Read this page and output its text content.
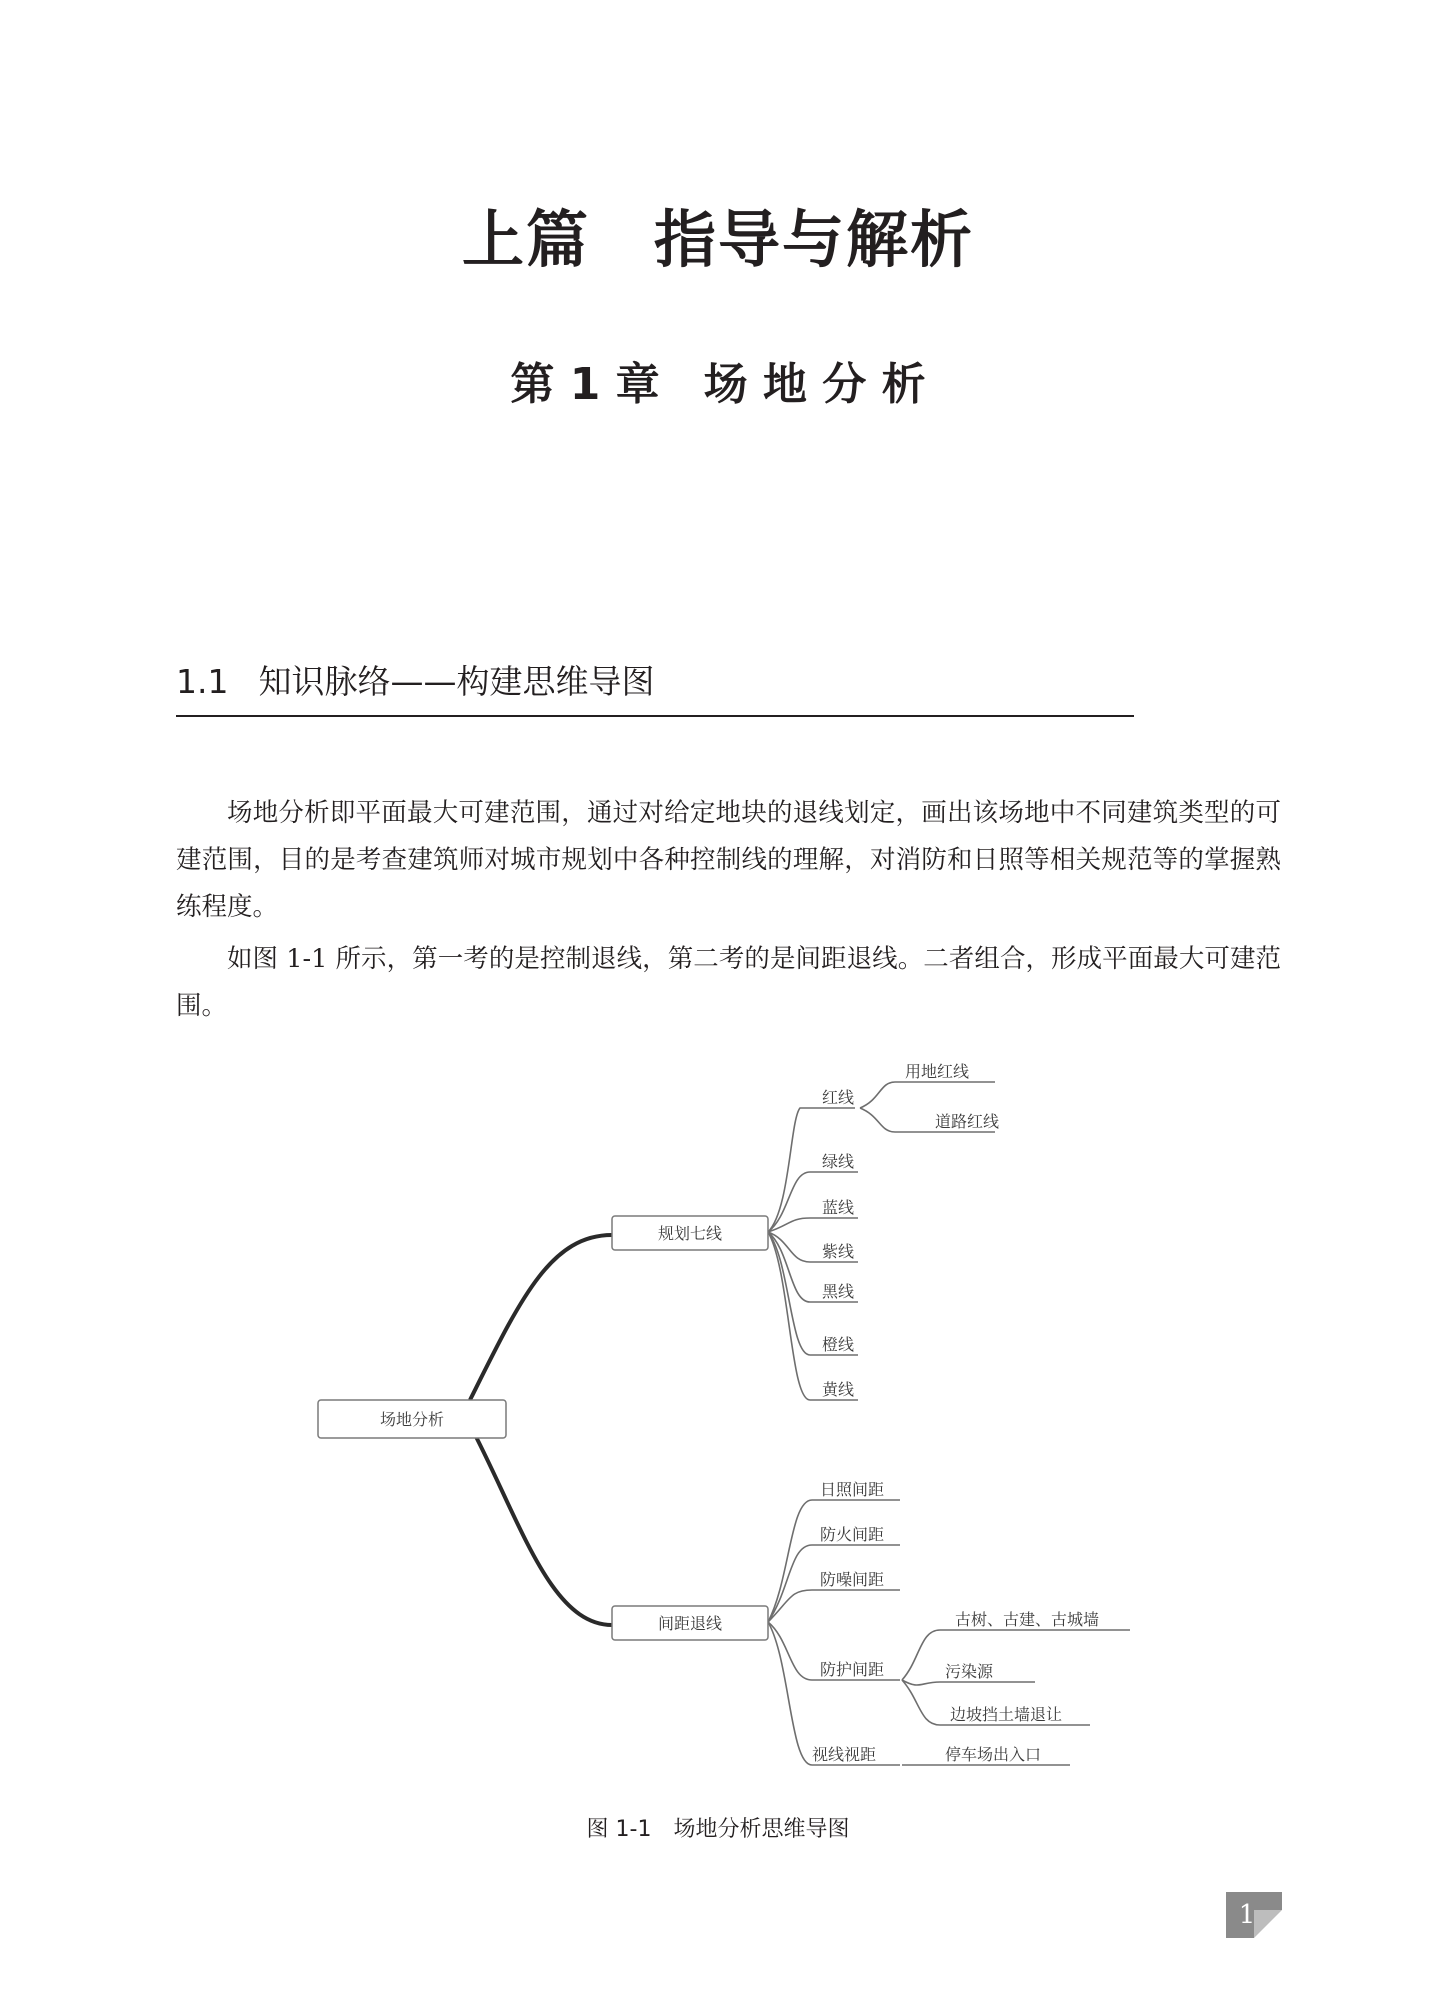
上篇　指导与解析
第 1 章　场 地 分 析
1.1 知识脉络——构建思维导图

场地分析即平面最大可建范围，通过对给定地块的退线划定，画出该场地中不同建筑类型的可建范围，目的是考查建筑师对城市规划中各种控制线的理解，对消防和日照等相关规范等的掌握熟练程度。

如图 1-1 所示，第一考的是控制退线，第二考的是间距退线。二者组合，形成平面最大可建范围。

场地分析
规划七线
间距退线
红线
用地红线
道路红线
绿线
蓝线
紫线
黑线
橙线
黄线
日照间距
防火间距
防噪间距
防护间距
古树、古建、古城墙
污染源
边坡挡土墙退让
视线视距	停车场出入口
图 1-1　场地分析思维导图
1
